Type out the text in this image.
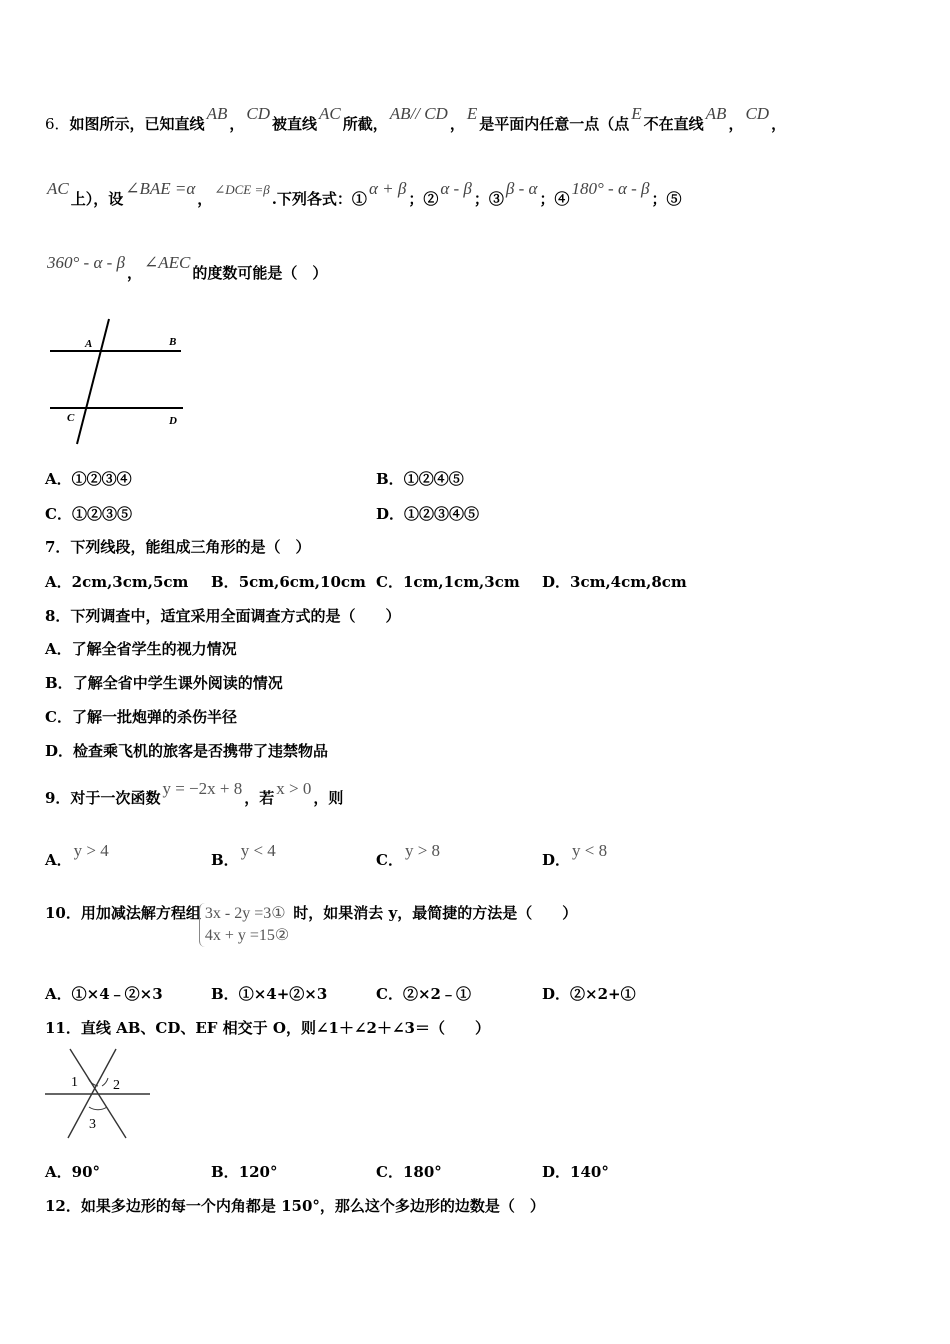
6．如图所示，已知直线AB，CD被直线AC所截，AB// CD，E是平面内任意一点（点E不在直线AB，CD，
AC上），设∠BAE =α，∠DCE =β.下列各式：①α + β；②α - β；③β - α；④180° - α - β；⑤
360° - α - β，∠AEC的度数可能是（　）
A	B
C	D
A．①②③④	B．①②④⑤
C．①②③⑤	D．①②③④⑤
7．下列线段，能组成三角形的是（　）
A．2cm,3cm,5cm B．5cm,6cm,10cm C．1cm,1cm,3cm D．3cm,4cm,8cm
8．下列调查中，适宜采用全面调查方式的是（　　）
A．了解全省学生的视力情况
B．了解全省中学生课外阅读的情况
C．了解一批炮弹的杀伤半径
D．检查乘飞机的旅客是否携带了违禁物品
9．对于一次函数 y = −2x + 8 ，若 x > 0 ，则
A． y > 4	B． y < 4	C． y > 8	D． y < 8
10．用加减法解方程组 3x - 2y =3①
4x + y =15②
时，如果消去 y，最简捷的方法是（　　）
A．①×4﹣②×3	B．①×4+②×3	C．②×2﹣①	D．②×2+①
11．直线 AB、CD、EF 相交于 O，则∠1＋∠2＋∠3＝（　　）
1	2
3
A．90°	B．120°	C．180°	D．140°
12．如果多边形的每一个内角都是 150°，那么这个多边形的边数是（　）
